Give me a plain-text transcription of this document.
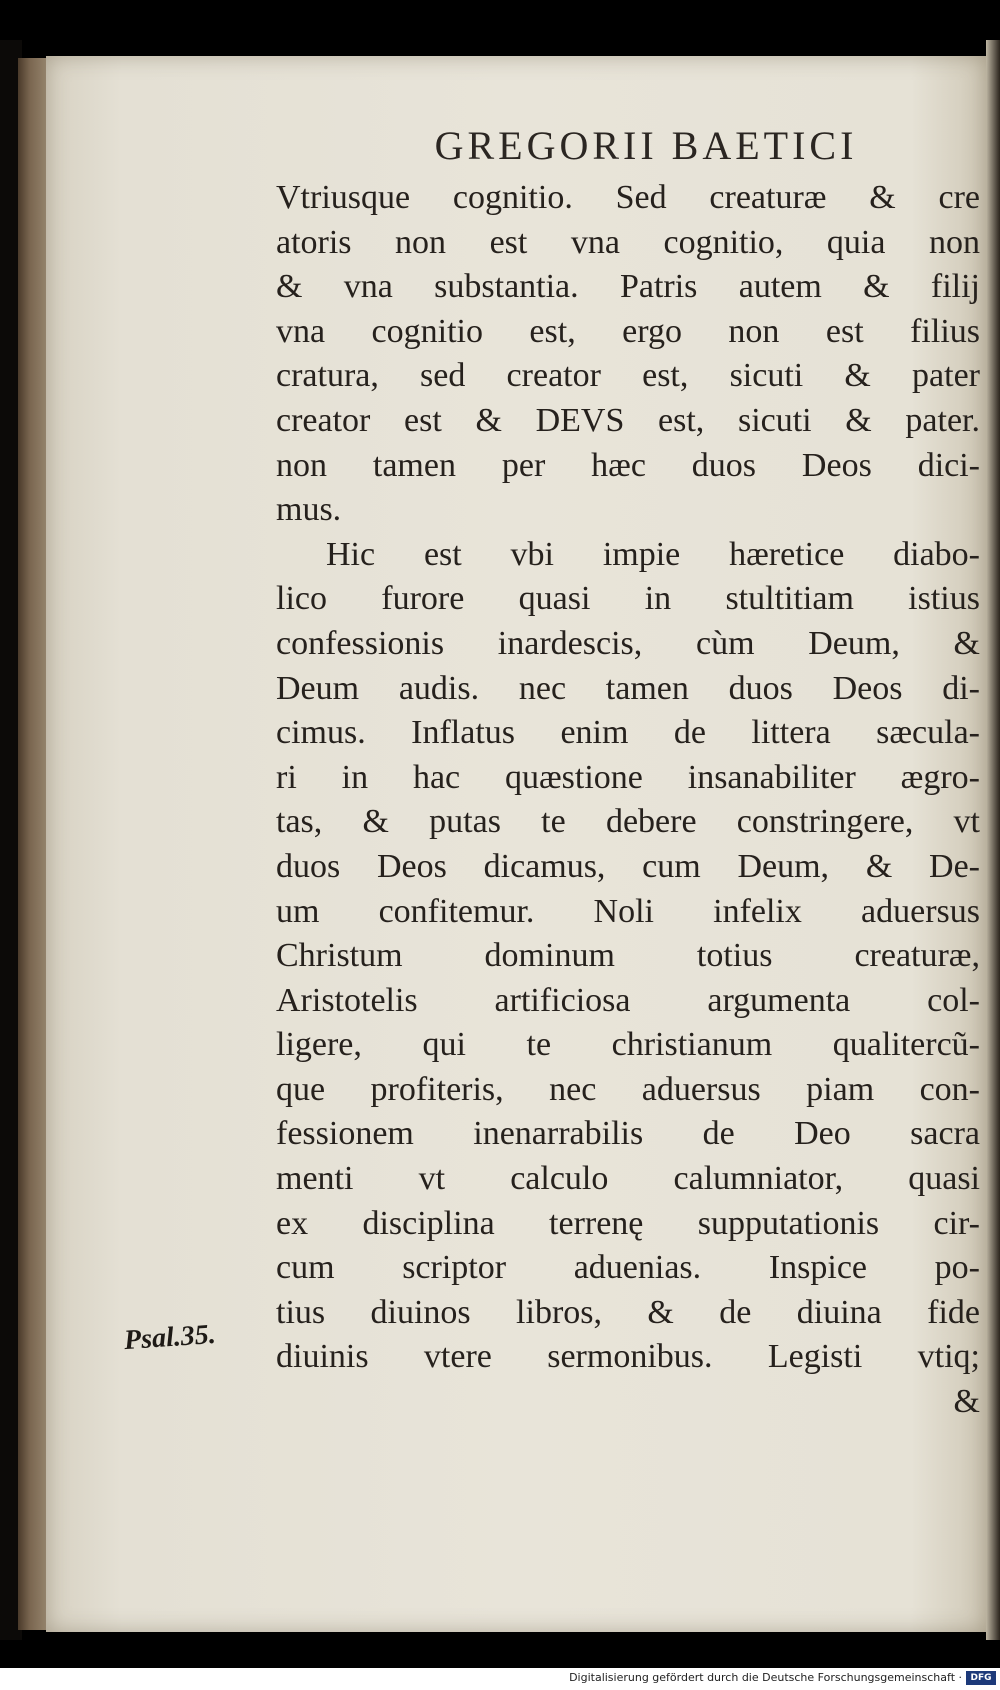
GREGORII BAETICI
Vtriusque cognitio. Sed creaturæ & cre
atoris non est vna cognitio, quia non
& vna substantia. Patris autem & filij
vna cognitio est, ergo non est filius
cratura, sed creator est, sicuti & pater
creator est & DEVS est, sicuti & pater.
non tamen per hæc duos Deos dici-
mus.
Hic est vbi impie hæretice diabo-
lico furore quasi in stultitiam istius
confessionis inardescis, cùm Deum, &
Deum audis. nec tamen duos Deos di-
cimus. Inflatus enim de littera sæcula-
ri in hac quæstione insanabiliter ægro-
tas, & putas te debere constringere, vt
duos Deos dicamus, cum Deum, & De-
um confitemur. Noli infelix aduersus
Christum dominum totius creaturæ,
Aristotelis artificiosa argumenta col-
ligere, qui te christianum qualitercũ-
que profiteris, nec aduersus piam con-
fessionem inenarrabilis de Deo sacra
menti vt calculo calumniator, quasi
ex disciplina terrenę supputationis cir-
cum scriptor aduenias. Inspice po-
tius diuinos libros, & de diuina fide
diuinis vtere sermonibus. Legisti vtiq;
&
Psal.35.
Digitalisierung gefördert durch die Deutsche Forschungsgemeinschaft · DFG
